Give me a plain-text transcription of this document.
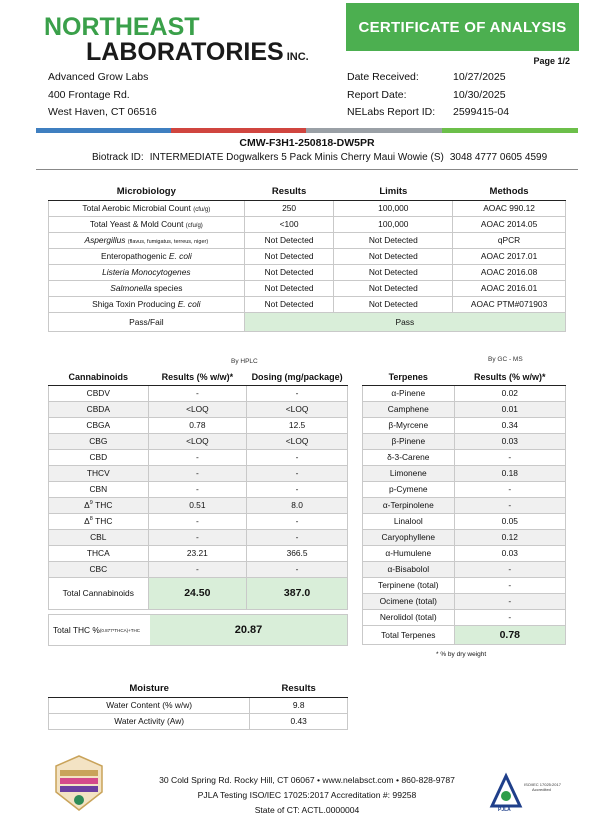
NORTHEAST
LABORATORIES INC.
CERTIFICATE OF ANALYSIS
Page 1/2
Advanced Grow Labs
400 Frontage Rd.
West Haven, CT 06516
Date Received:	10/27/2025
Report Date:	10/30/2025
NELabs Report ID:	2599415-04
CMW-F3H1-250818-DW5PR
Biotrack ID: INTERMEDIATE Dogwalkers 5 Pack Minis Cherry Maui Wowie (S) 3048 4777 0605 4599
Microbiology	Results	Limits	Methods
Total Aerobic Microbial Count (cfu/g)	250	100,000	AOAC 990.12
Total Yeast & Mold Count (cfu/g)	<100	100,000	AOAC 2014.05
Aspergillus (flavus, fumigatus, terreus, niger)	Not Detected	Not Detected	qPCR
Enteropathogenic E. coli	Not Detected	Not Detected	AOAC 2017.01
Listeria Monocytogenes	Not Detected	Not Detected	AOAC 2016.08
Salmonella species	Not Detected	Not Detected	AOAC 2016.01
Shiga Toxin Producing E. coli	Not Detected	Not Detected	AOAC PTM#071903
Pass/Fail	Pass		
By HPLC
Cannabinoids	Results (% w/w)*	Dosing (mg/package)
CBDV	-	-
CBDA	<LOQ	<LOQ
CBGA	0.78	12.5
CBG	<LOQ	<LOQ
CBD	-	-
THCV	-	-
CBN	-	-
$\Delta^9$ THC	0.51	8.0
$\Delta^8$ THC	-	-
CBL	-	-
THCA	23.21	366.5
CBC	-	-
Total Cannabinoids	24.50	387.0
Total THC % (0.877*THCA)+THC	20.87
By GC - MS
Terpenes	Results (% w/w)*
α-Pinene	0.02
Camphene	0.01
β-Myrcene	0.34
β-Pinene	0.03
δ-3-Carene	-
Limonene	0.18
p-Cymene	-
α-Terpinolene	-
Linalool	0.05
Caryophyllene	0.12
α-Humulene	0.03
α-Bisabolol	-
Terpinene (total)	-
Ocimene (total)	-
Nerolidol (total)	-
Total Terpenes	0.78
* % by dry weight
Moisture	Results
Water Content (% w/w)	9.8
Water Activity (Aw)	0.43
30 Cold Spring Rd. Rocky Hill, CT 06067 • www.nelabsct.com • 860-828-9787
PJLA Testing ISO/IEC 17025:2017 Accreditation #: 99258
State of CT: ACTL.0000004
ISO/IEC 17025:2017
Accredited
PJLA
